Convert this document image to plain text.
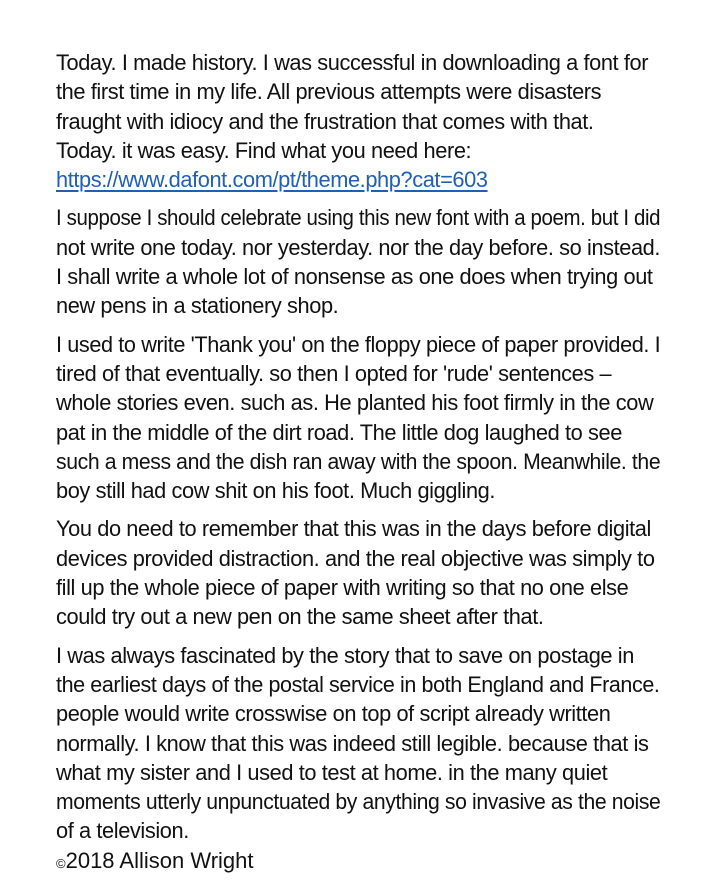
Today. I made history. I was successful in downloading a font for
the first time in my life. All previous attempts were disasters
fraught with idiocy and the frustration that comes with that.
Today. it was easy. Find what you need here:
https://www.dafont.com/pt/theme.php?cat=603
I suppose I should celebrate using this new font with a poem. but I did
not write one today. nor yesterday. nor the day before. so instead.
I shall write a whole lot of nonsense as one does when trying out
new pens in a stationery shop.
I used to write 'Thank you' on the floppy piece of paper provided. I
tired of that eventually. so then I opted for 'rude' sentences –
whole stories even. such as. He planted his foot firmly in the cow
pat in the middle of the dirt road. The little dog laughed to see
such a mess and the dish ran away with the spoon. Meanwhile. the
boy still had cow shit on his foot. Much giggling.
You do need to remember that this was in the days before digital
devices provided distraction. and the real objective was simply to
fill up the whole piece of paper with writing so that no one else
could try out a new pen on the same sheet after that.
I was always fascinated by the story that to save on postage in
the earliest days of the postal service in both England and France.
people would write crosswise on top of script already written
normally. I know that this was indeed still legible. because that is
what my sister and I used to test at home. in the many quiet
moments utterly unpunctuated by anything so invasive as the noise
of a television.
©2018 Allison Wright
